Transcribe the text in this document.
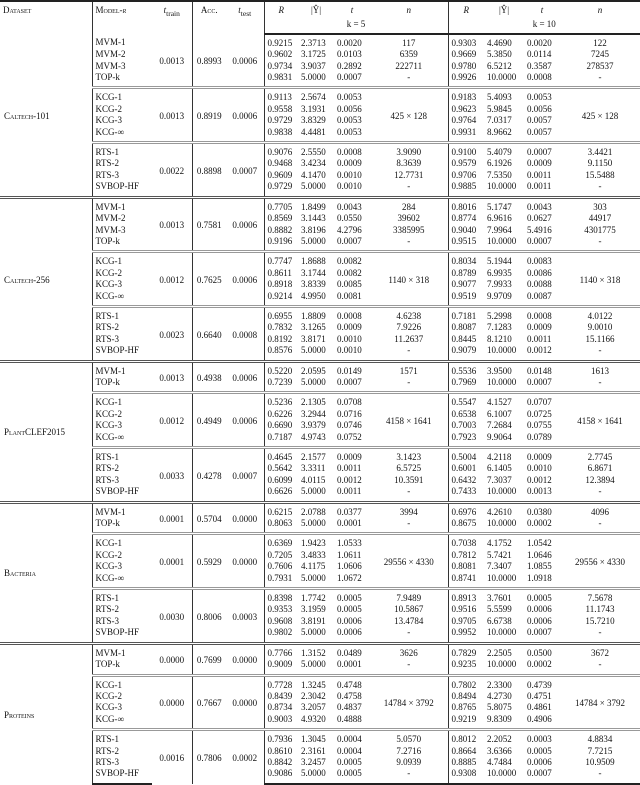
Dataset	Model-r	$t_{train}$	Acc.	$t_{test}$	R	|Ŷ|	t	n	R	|Ŷ|	t	n
					k = 5				k = 10			
Caltech-101	MVM-1	0.0013	0.8993	0.0006	0.9215	2.3713	0.0020	117	0.9303	4.4690	0.0020	122
	MVM-2				0.9602	3.1725	0.0103	6359	0.9669	5.3850	0.0114	7245
	MVM-3				0.9734	3.9037	0.2892	222711	0.9780	6.5212	0.3587	278537
	TOP-k				0.9831	5.0000	0.0007	-	0.9926	10.0000	0.0008	-
	KCG-1	0.0013	0.8919	0.0006	0.9113	2.5674	0.0053	425 × 128	0.9183	5.4093	0.0053	425 × 128
	KCG-2				0.9558	3.1931	0.0056		0.9623	5.9845	0.0056	
	KCG-3				0.9729	3.8329	0.0053		0.9764	7.0317	0.0057	
	KCG-∞				0.9838	4.4481	0.0053		0.9931	8.9662	0.0057	
	RTS-1	0.0022	0.8898	0.0007	0.9076	2.5550	0.0008	3.9090	0.9100	5.4079	0.0007	3.4421
	RTS-2				0.9468	3.4234	0.0009	8.3639	0.9579	6.1926	0.0009	9.1150
	RTS-3				0.9609	4.1470	0.0010	12.7731	0.9706	7.5350	0.0011	15.5488
	SVBOP-HF				0.9729	5.0000	0.0010	-	0.9885	10.0000	0.0011	-
Caltech-256	MVM-1	0.0013	0.7581	0.0006	0.7705	1.8499	0.0043	284	0.8016	5.1747	0.0043	303
	MVM-2				0.8569	3.1443	0.0550	39602	0.8774	6.9616	0.0627	44917
	MVM-3				0.8882	3.8196	4.2796	3385995	0.9040	7.9964	5.4916	4301775
	TOP-k				0.9196	5.0000	0.0007	-	0.9515	10.0000	0.0007	-
	KCG-1	0.0012	0.7625	0.0006	0.7747	1.8688	0.0082	1140 × 318	0.8034	5.1944	0.0083	1140 × 318
	KCG-2				0.8611	3.1744	0.0082		0.8789	6.9935	0.0086	
	KCG-3				0.8918	3.8339	0.0085		0.9077	7.9933	0.0088	
	KCG-∞				0.9214	4.9950	0.0081		0.9519	9.9709	0.0087	
	RTS-1	0.0023	0.6640	0.0008	0.6955	1.8809	0.0008	4.6238	0.7181	5.2998	0.0008	4.0122
	RTS-2				0.7832	3.1265	0.0009	7.9226	0.8087	7.1283	0.0009	9.0010
	RTS-3				0.8192	3.8171	0.0010	11.2637	0.8445	8.1210	0.0011	15.1166
	SVBOP-HF				0.8576	5.0000	0.0010	-	0.9079	10.0000	0.0012	-
PlantCLEF2015	MVM-1	0.0013	0.4938	0.0006	0.5220	2.0595	0.0149	1571	0.5536	3.9500	0.0148	1613
	TOP-k				0.7239	5.0000	0.0007	-	0.7969	10.0000	0.0007	-
	KCG-1	0.0012	0.4949	0.0006	0.5236	2.1305	0.0708	4158 × 1641	0.5547	4.1527	0.0707	4158 × 1641
	KCG-2				0.6226	3.2944	0.0716		0.6538	6.1007	0.0725	
	KCG-3				0.6690	3.9379	0.0746		0.7003	7.2684	0.0755	
	KCG-∞				0.7187	4.9743	0.0752		0.7923	9.9064	0.0789	
	RTS-1	0.0033	0.4278	0.0007	0.4645	2.1577	0.0009	3.1423	0.5004	4.2118	0.0009	2.7745
	RTS-2				0.5642	3.3311	0.0011	6.5725	0.6001	6.1405	0.0010	6.8671
	RTS-3				0.6099	4.0115	0.0012	10.3591	0.6432	7.3037	0.0012	12.3894
	SVBOP-HF				0.6626	5.0000	0.0011	-	0.7433	10.0000	0.0013	-
Bacteria	MVM-1	0.0001	0.5704	0.0000	0.6215	2.0788	0.0377	3994	0.6976	4.2610	0.0380	4096
	TOP-k				0.8063	5.0000	0.0001	-	0.8675	10.0000	0.0002	-
	KCG-1	0.0001	0.5929	0.0000	0.6369	1.9423	1.0533	29556 × 4330	0.7038	4.1752	1.0542	29556 × 4330
	KCG-2				0.7205	3.4833	1.0611		0.7812	5.7421	1.0646	
	KCG-3				0.7606	4.1175	1.0606		0.8081	7.3407	1.0855	
	KCG-∞				0.7931	5.0000	1.0672		0.8741	10.0000	1.0918	
	RTS-1	0.0030	0.8006	0.0003	0.8398	1.7742	0.0005	7.9489	0.8913	3.7601	0.0005	7.5678
	RTS-2				0.9353	3.1959	0.0005	10.5867	0.9516	5.5599	0.0006	11.1743
	RTS-3				0.9608	3.8191	0.0006	13.4784	0.9705	6.6738	0.0006	15.7210
	SVBOP-HF				0.9802	5.0000	0.0006	-	0.9952	10.0000	0.0007	-
Proteins	MVM-1	0.0000	0.7699	0.0000	0.7766	1.3152	0.0489	3626	0.7829	2.2505	0.0500	3672
	TOP-k				0.9009	5.0000	0.0001	-	0.9235	10.0000	0.0002	-
	KCG-1	0.0000	0.7667	0.0000	0.7728	1.3245	0.4748	14784 × 3792	0.7802	2.3300	0.4739	14784 × 3792
	KCG-2				0.8439	2.3042	0.4758		0.8494	4.2730	0.4751	
	KCG-3				0.8734	3.2057	0.4837		0.8765	5.8075	0.4861	
	KCG-∞				0.9003	4.9320	0.4888		0.9219	9.8309	0.4906	
	RTS-1	0.0016	0.7806	0.0002	0.7936	1.3045	0.0004	5.0570	0.8012	2.2052	0.0003	4.8834
	RTS-2				0.8610	2.3161	0.0004	7.2716	0.8664	3.6366	0.0005	7.7215
	RTS-3				0.8842	3.2457	0.0005	9.0939	0.8885	4.7484	0.0006	10.9509
	SVBOP-HF				0.9086	5.0000	0.0005	-	0.9308	10.0000	0.0007	-
